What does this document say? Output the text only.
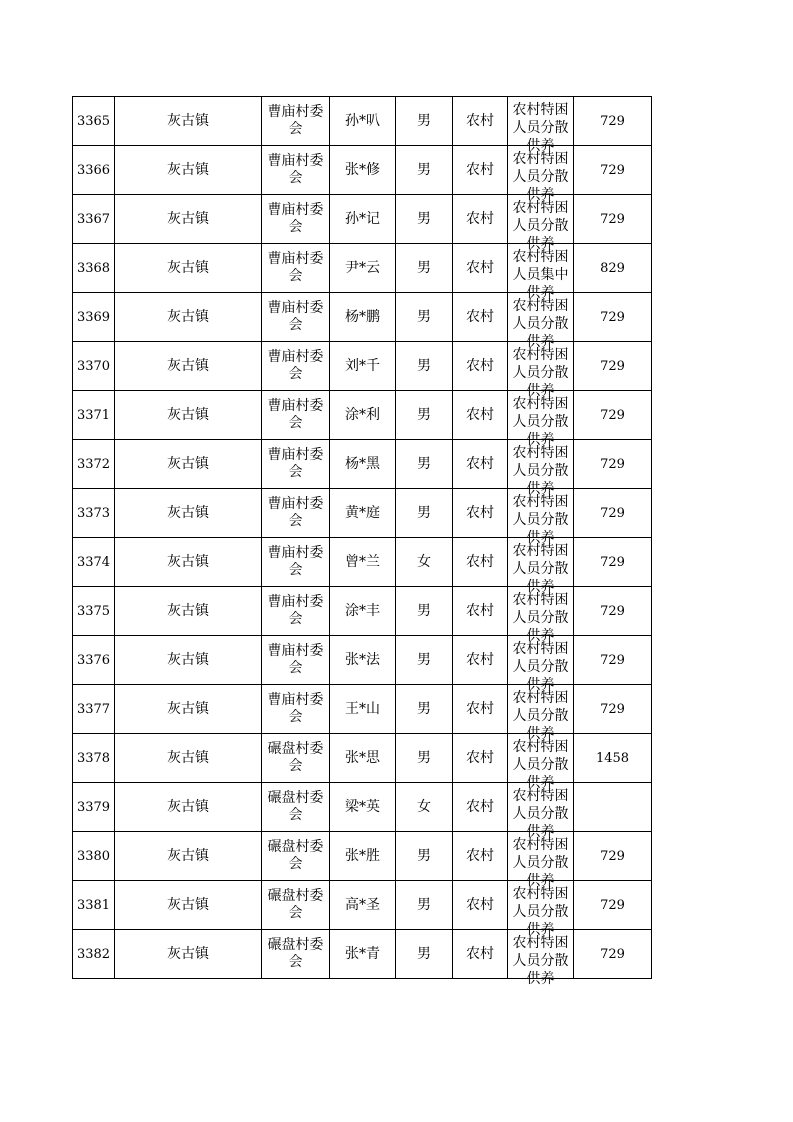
3365	灰古镇	曹庙村委会	孙*叭	男	农村	农村特困人员分散供养	729
3366	灰古镇	曹庙村委会	张*修	男	农村	农村特困人员分散供养	729
3367	灰古镇	曹庙村委会	孙*记	男	农村	农村特困人员分散供养	729
3368	灰古镇	曹庙村委会	尹*云	男	农村	农村特困人员集中供养	829
3369	灰古镇	曹庙村委会	杨*鹏	男	农村	农村特困人员分散供养	729
3370	灰古镇	曹庙村委会	刘*千	男	农村	农村特困人员分散供养	729
3371	灰古镇	曹庙村委会	涂*利	男	农村	农村特困人员分散供养	729
3372	灰古镇	曹庙村委会	杨*黑	男	农村	农村特困人员分散供养	729
3373	灰古镇	曹庙村委会	黄*庭	男	农村	农村特困人员分散供养	729
3374	灰古镇	曹庙村委会	曾*兰	女	农村	农村特困人员分散供养	729
3375	灰古镇	曹庙村委会	涂*丰	男	农村	农村特困人员分散供养	729
3376	灰古镇	曹庙村委会	张*法	男	农村	农村特困人员分散供养	729
3377	灰古镇	曹庙村委会	王*山	男	农村	农村特困人员分散供养	729
3378	灰古镇	碾盘村委会	张*思	男	农村	农村特困人员分散供养	1458
3379	灰古镇	碾盘村委会	梁*英	女	农村	农村特困人员分散供养	

3380	灰古镇	碾盘村委会	张*胜	男	农村	农村特困人员分散供养	729
3381	灰古镇	碾盘村委会	高*圣	男	农村	农村特困人员分散供养	729
3382	灰古镇	碾盘村委会	张*青	男	农村	农村特困人员分散供养	729
